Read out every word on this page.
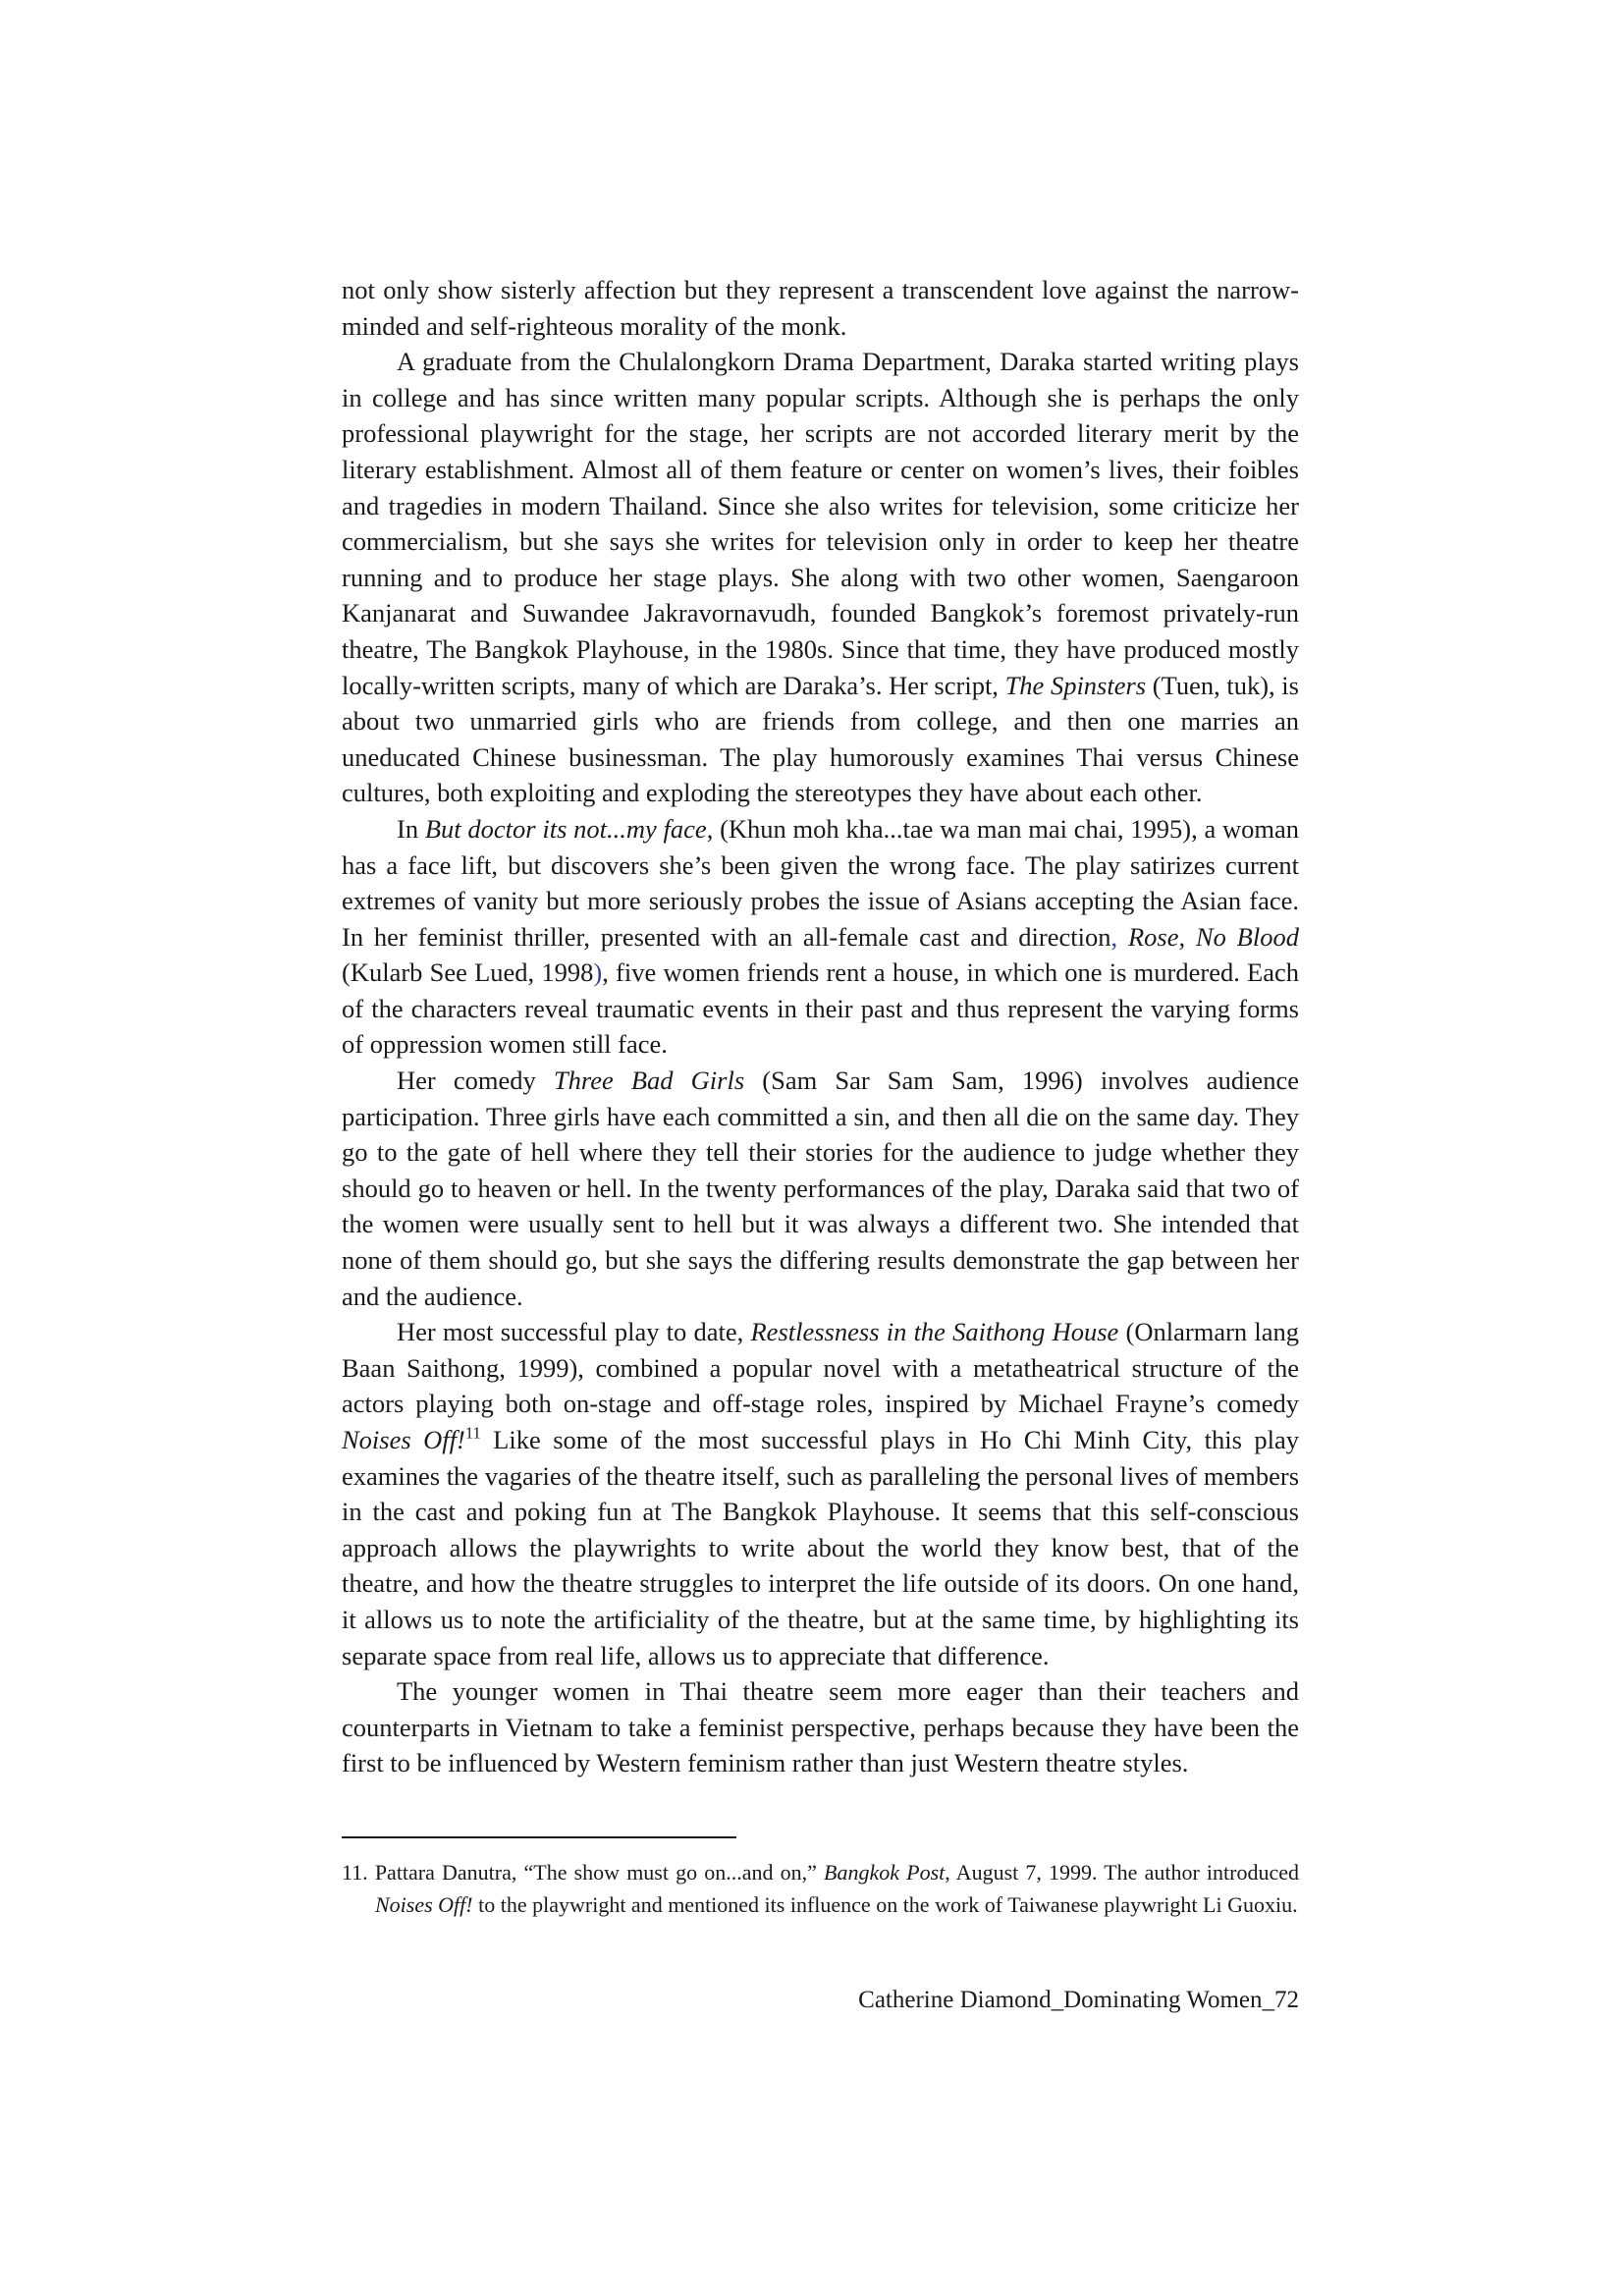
not only show sisterly affection but they represent a transcendent love against the narrow-minded and self-righteous morality of the monk.

A graduate from the Chulalongkorn Drama Department, Daraka started writing plays in college and has since written many popular scripts. Although she is perhaps the only professional playwright for the stage, her scripts are not accorded literary merit by the literary establishment. Almost all of them feature or center on women’s lives, their foibles and tragedies in modern Thailand. Since she also writes for television, some criticize her commercialism, but she says she writes for television only in order to keep her theatre running and to produce her stage plays. She along with two other women, Saengaroon Kanjanarat and Suwandee Jakravornavudh, founded Bangkok’s foremost privately-run theatre, The Bangkok Playhouse, in the 1980s. Since that time, they have produced mostly locally-written scripts, many of which are Daraka’s. Her script, The Spinsters (Tuen, tuk), is about two unmarried girls who are friends from college, and then one marries an uneducated Chinese businessman. The play humorously examines Thai versus Chinese cultures, both exploiting and exploding the stereotypes they have about each other.

In But doctor its not...my face, (Khun moh kha...tae wa man mai chai, 1995), a woman has a face lift, but discovers she’s been given the wrong face. The play satirizes current extremes of vanity but more seriously probes the issue of Asians accepting the Asian face. In her feminist thriller, presented with an all-female cast and direction, Rose, No Blood (Kularb See Lued, 1998), five women friends rent a house, in which one is murdered. Each of the characters reveal traumatic events in their past and thus represent the varying forms of oppression women still face.

Her comedy Three Bad Girls (Sam Sar Sam Sam, 1996) involves audience participation. Three girls have each committed a sin, and then all die on the same day. They go to the gate of hell where they tell their stories for the audience to judge whether they should go to heaven or hell. In the twenty performances of the play, Daraka said that two of the women were usually sent to hell but it was always a different two. She intended that none of them should go, but she says the differing results demonstrate the gap between her and the audience.

Her most successful play to date, Restlessness in the Saithong House (Onlarmarn lang Baan Saithong, 1999), combined a popular novel with a metatheatrical structure of the actors playing both on-stage and off-stage roles, inspired by Michael Frayne’s comedy Noises Off!$^{11}$ Like some of the most successful plays in Ho Chi Minh City, this play examines the vagaries of the theatre itself, such as paralleling the personal lives of members in the cast and poking fun at The Bangkok Playhouse. It seems that this self-conscious approach allows the playwrights to write about the world they know best, that of the theatre, and how the theatre struggles to interpret the life outside of its doors. On one hand, it allows us to note the artificiality of the theatre, but at the same time, by highlighting its separate space from real life, allows us to appreciate that difference.

The younger women in Thai theatre seem more eager than their teachers and counterparts in Vietnam to take a feminist perspective, perhaps because they have been the first to be influenced by Western feminism rather than just Western theatre styles.

11. Pattara Danutra, “The show must go on...and on,” Bangkok Post, August 7, 1999. The author introduced Noises Off! to the playwright and mentioned its influence on the work of Taiwanese playwright Li Guoxiu.

Catherine Diamond_Dominating Women_72
